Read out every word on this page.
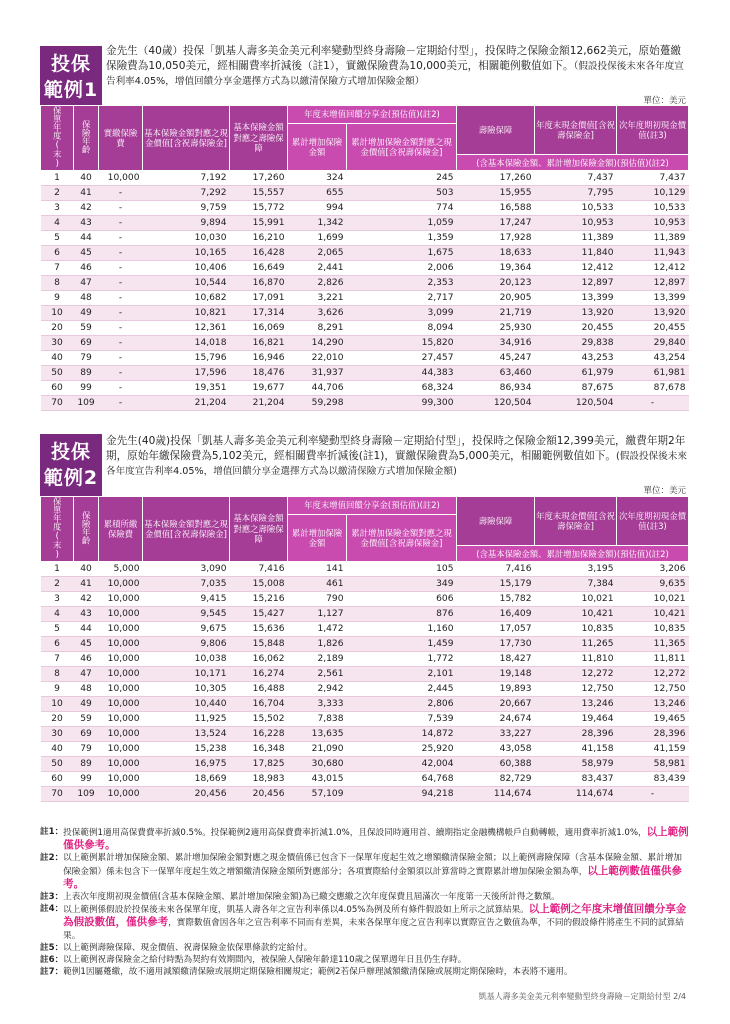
投保
範例1
金先生（40歲）投保「凱基人壽多美金美元利率變動型終身壽險－定期給付型」，投保時之保險金額12,662美元，原始躉繳保險費為10,050美元，經相關費率折減後（註1），實繳保險費為10,000美元，相關範例數值如下。（假設投保後未來各年度宣告利率4.05%，增值回饋分享金選擇方式為以繳清保險方式增加保險金額）
單位：美元
保單年度(末)	保險年齡	實繳保險費	基本保險金額對應之現金價值[含祝壽保險金]	基本保險金額對應之壽險保障	年度末增值回饋分享金(預估值)(註2)		壽險保障	年度末現金價值[含祝壽保險金]	次年度期初現金價值(註3)
					累計增加保險金額	累計增加保險金額對應之現金價值[含祝壽保險金]			
							(含基本保險金額、累計增加保險金額)(預估值)(註2)		
1	40	10,000	7,192	17,260	324	245	17,260	7,437	7,437
2	41	-	7,292	15,557	655	503	15,955	7,795	10,129
3	42	-	9,759	15,772	994	774	16,588	10,533	10,533
4	43	-	9,894	15,991	1,342	1,059	17,247	10,953	10,953
5	44	-	10,030	16,210	1,699	1,359	17,928	11,389	11,389
6	45	-	10,165	16,428	2,065	1,675	18,633	11,840	11,943
7	46	-	10,406	16,649	2,441	2,006	19,364	12,412	12,412
8	47	-	10,544	16,870	2,826	2,353	20,123	12,897	12,897
9	48	-	10,682	17,091	3,221	2,717	20,905	13,399	13,399
10	49	-	10,821	17,314	3,626	3,099	21,719	13,920	13,920
20	59	-	12,361	16,069	8,291	8,094	25,930	20,455	20,455
30	69	-	14,018	16,821	14,290	15,820	34,916	29,838	29,840
40	79	-	15,796	16,946	22,010	27,457	45,247	43,253	43,254
50	89	-	17,596	18,476	31,937	44,383	63,460	61,979	61,981
60	99	-	19,351	19,677	44,706	68,324	86,934	87,675	87,678
70	109	-	21,204	21,204	59,298	99,300	120,504	120,504	-
投保
範例2
金先生(40歲)投保「凱基人壽多美金美元利率變動型終身壽險－定期給付型」，投保時之保險金額12,399美元，繳費年期2年期，原始年繳保險費為5,102美元，經相關費率折減後(註1)，實繳保險費為5,000美元，相關範例數值如下。(假設投保後未來各年度宣告利率4.05%，增值回饋分享金選擇方式為以繳清保險方式增加保險金額)
單位：美元
保單年度(末)	保險年齡	累積所繳保險費	基本保險金額對應之現金價值[含祝壽保險金]	基本保險金額對應之壽險保障	年度末增值回饋分享金(預估值)(註2)		壽險保障	年度末現金價值[含祝壽保險金]	次年度期初現金價值(註3)
					累計增加保險金額	累計增加保險金額對應之現金價值[含祝壽保險金]			
							(含基本保險金額、累計增加保險金額)(預估值)(註2)		
1	40	5,000	3,090	7,416	141	105	7,416	3,195	3,206
2	41	10,000	7,035	15,008	461	349	15,179	7,384	9,635
3	42	10,000	9,415	15,216	790	606	15,782	10,021	10,021
4	43	10,000	9,545	15,427	1,127	876	16,409	10,421	10,421
5	44	10,000	9,675	15,636	1,472	1,160	17,057	10,835	10,835
6	45	10,000	9,806	15,848	1,826	1,459	17,730	11,265	11,365
7	46	10,000	10,038	16,062	2,189	1,772	18,427	11,810	11,811
8	47	10,000	10,171	16,274	2,561	2,101	19,148	12,272	12,272
9	48	10,000	10,305	16,488	2,942	2,445	19,893	12,750	12,750
10	49	10,000	10,440	16,704	3,333	2,806	20,667	13,246	13,246
20	59	10,000	11,925	15,502	7,838	7,539	24,674	19,464	19,465
30	69	10,000	13,524	16,228	13,635	14,872	33,227	28,396	28,396
40	79	10,000	15,238	16,348	21,090	25,920	43,058	41,158	41,159
50	89	10,000	16,975	17,825	30,680	42,004	60,388	58,979	58,981
60	99	10,000	18,669	18,983	43,015	64,768	82,729	83,437	83,439
70	109	10,000	20,456	20,456	57,109	94,218	114,674	114,674	-
註1： 投保範例1適用高保費費率折減0.5%。投保範例2適用高保費費率折減1.0%，且保設同時適用首、續期指定金融機構帳戶自動轉帳，適用費率折減1.0%，以上範例僅供參考。
註2： 以上範例累計增加保險金額、累計增加保險金額對應之現金價值係已包含下一保單年度起生效之增額繳清保險金額；以上範例壽險保障（含基本保險金額、累計增加保險金額）係未包含下一保單年度起生效之增額繳清保險金額所對應部分；各項實際給付金額須以計算當時之實際累計增加保險金額為準，以上範例數值僅供參考。
註3： 上表次年度期初現金價值(含基本保險金額、累計增加保險金額)為已繳交應繳之次年度保費且屆滿次一年度第一天後所計得之數額。
註4： 以上範例係假設於投保後未來各保單年度，凱基人壽各年之宣告利率係以4.05%為例及所有條件假設如上所示之試算結果。以上範例之年度末增值回饋分享金為假設數值，僅供參考，實際數值會因各年之宣告利率不同而有差異，未來各保單年度之宣告利率以實際宣告之數值為準，不同的假設條件將產生不同的試算結果。
註5： 以上範例壽險保障、現金價值、祝壽保險金依保單條款約定給付。
註6： 以上範例祝壽保險金之給付時點為契約有效期間內，被保險人保險年齡達110歲之保單週年日且仍生存時。
註7： 範例1因屬躉繳，故不適用減額繳清保險或展期定期保險相關規定；範例2若保戶辦理減額繳清保險或展期定期保險時，本表將不適用。
凱基人壽多美金美元利率變動型終身壽險－定期給付型 2/4
